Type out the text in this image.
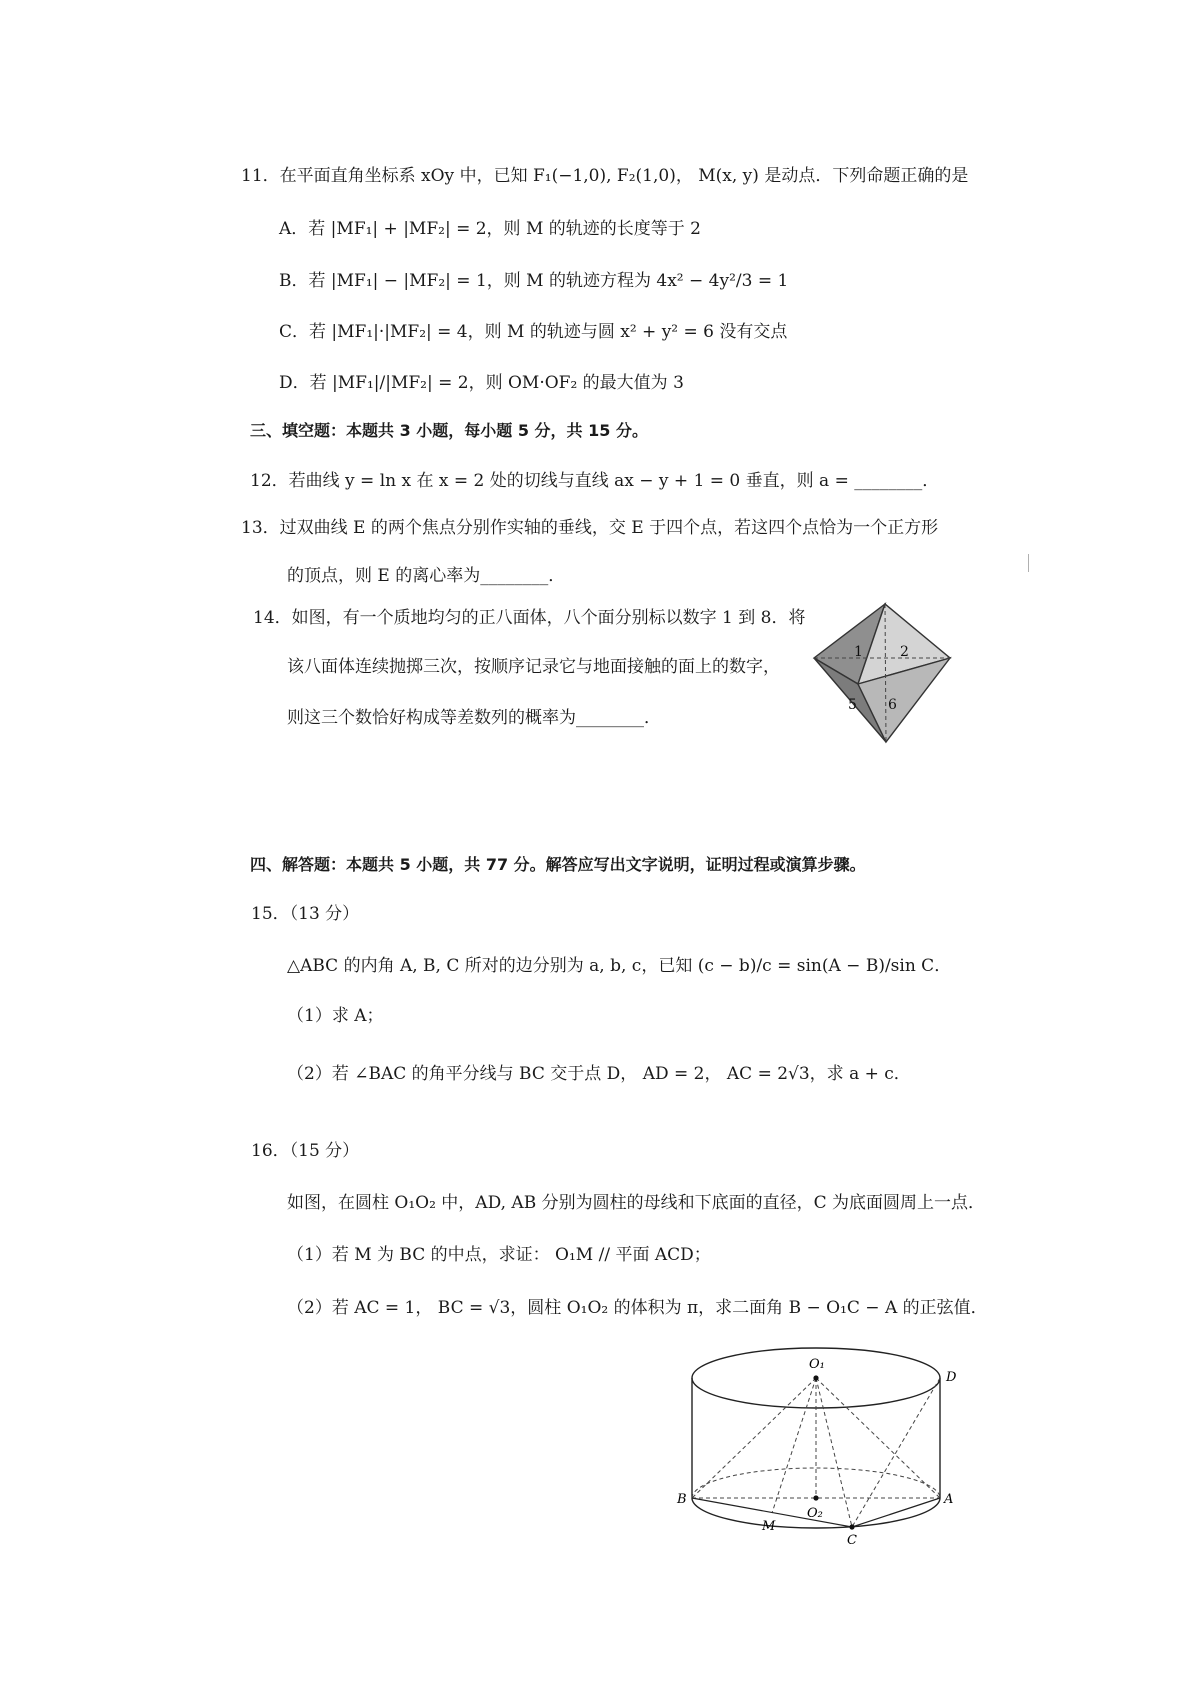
11．在平面直角坐标系 xOy 中，已知 F₁(−1,0), F₂(1,0)， M(x, y) 是动点．下列命题正确的是
A．若 |MF₁| + |MF₂| = 2，则 M 的轨迹的长度等于 2
B．若 |MF₁| − |MF₂| = 1，则 M 的轨迹方程为 4x² − 4y²/3 = 1
C．若 |MF₁|·|MF₂| = 4，则 M 的轨迹与圆 x² + y² = 6 没有交点
D．若 |MF₁|/|MF₂| = 2，则 OM·OF₂ 的最大值为 3
三、填空题：本题共 3 小题，每小题 5 分，共 15 分。
12．若曲线 y = ln x 在 x = 2 处的切线与直线 ax − y + 1 = 0 垂直，则 a = ________．
13．过双曲线 E 的两个焦点分别作实轴的垂线，交 E 于四个点，若这四个点恰为一个正方形
的顶点，则 E 的离心率为________．
14．如图，有一个质地均匀的正八面体，八个面分别标以数字 1 到 8．将
该八面体连续抛掷三次，按顺序记录它与地面接触的面上的数字，
则这三个数恰好构成等差数列的概率为________．
1	2
5 6
四、解答题：本题共 5 小题，共 77 分。解答应写出文字说明，证明过程或演算步骤。
15．（13 分）
△ABC 的内角 A, B, C 所对的边分别为 a, b, c，已知 (c − b)/c = sin(A − B)/sin C．
（1）求 A；
（2）若 ∠BAC 的角平分线与 BC 交于点 D， AD = 2， AC = 2√3，求 a + c．
16．（15 分）
如图，在圆柱 O₁O₂ 中，AD, AB 分别为圆柱的母线和下底面的直径，C 为底面圆周上一点．
（1）若 M 为 BC 的中点，求证： O₁M // 平面 ACD；
（2）若 AC = 1， BC = √3，圆柱 O₁O₂ 的体积为 π，求二面角 B − O₁C − A 的正弦值．
O₁
O₂
B	A
D
C
M
